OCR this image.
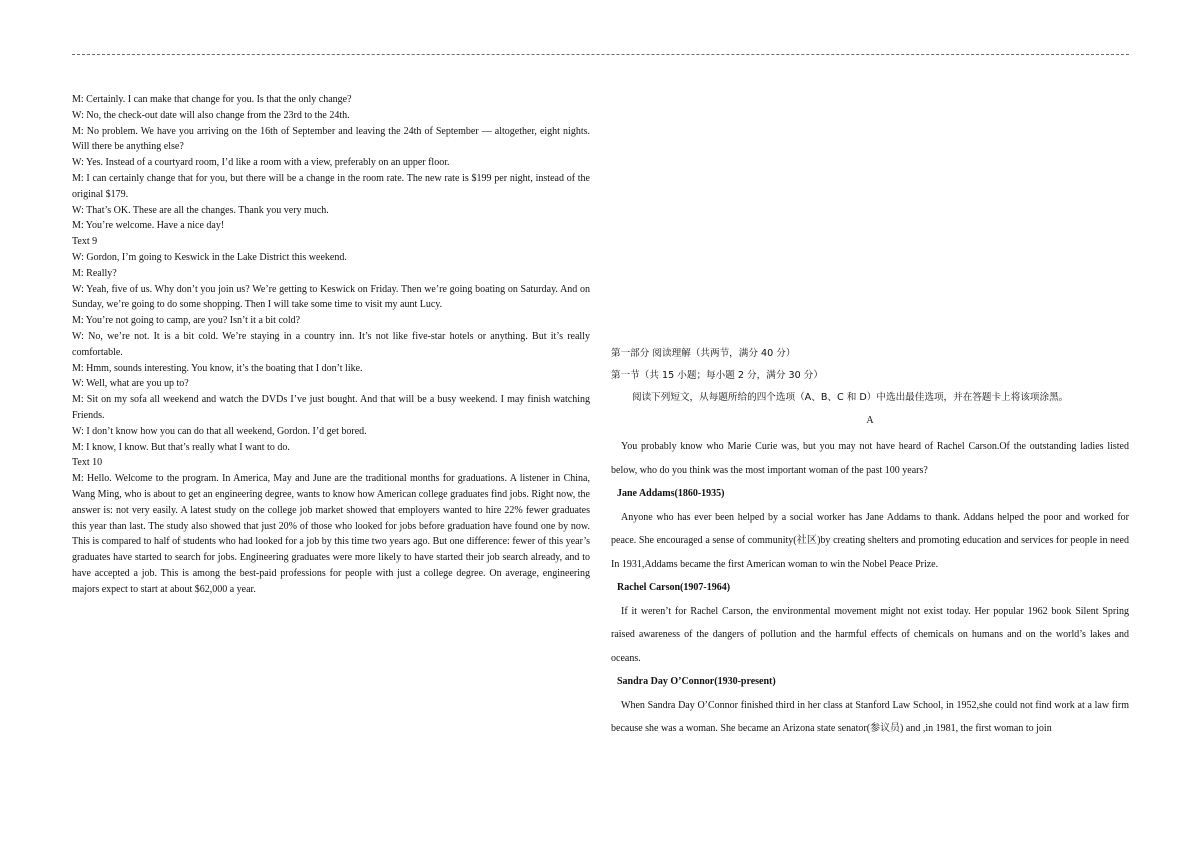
M: Certainly. I can make that change for you. Is that the only change?

W: No, the check-out date will also change from the 23rd to the 24th.

M: No problem. We have you arriving on the 16th of September and leaving the 24th of September — altogether, eight nights. Will there be anything else?

W: Yes. Instead of a courtyard room, I’d like a room with a view, preferably on an upper floor.

M: I can certainly change that for you, but there will be a change in the room rate. The new rate is $199 per night, instead of the original $179.

W: That’s OK. These are all the changes. Thank you very much.

M: You’re welcome. Have a nice day!

Text 9

W: Gordon, I’m going to Keswick in the Lake District this weekend.

M: Really?

W: Yeah, five of us. Why don’t you join us? We’re getting to Keswick on Friday. Then we’re going boating on Saturday. And on Sunday, we’re going to do some shopping. Then I will take some time to visit my aunt Lucy.

M: You’re not going to camp, are you? Isn’t it a bit cold?

W: No, we’re not. It is a bit cold. We’re staying in a country inn. It’s not like five-star hotels or anything. But it’s really comfortable.

M: Hmm, sounds interesting. You know, it’s the boating that I don’t like.

W: Well, what are you up to?

M: Sit on my sofa all weekend and watch the DVDs I’ve just bought. And that will be a busy weekend. I may finish watching Friends.

W: I don’t know how you can do that all weekend, Gordon. I’d get bored.

M: I know, I know. But that’s really what I want to do.

Text 10

M: Hello. Welcome to the program. In America, May and June are the traditional months for graduations. A listener in China, Wang Ming, who is about to get an engineering degree, wants to know how American college graduates find jobs. Right now, the answer is: not very easily. A latest study on the college job market showed that employers wanted to hire 22% fewer graduates this year than last. The study also showed that just 20% of those who looked for jobs before graduation have found one by now. This is compared to half of students who had looked for a job by this time two years ago. But one difference: fewer of this year’s graduates have started to search for jobs. Engineering graduates were more likely to have started their job search already, and to have accepted a job. This is among the best-paid professions for people with just a college degree. On average, engineering majors expect to start at about $62,000 a year.

第一部分 阅读理解（共两节，满分 40 分）

第一节（共 15 小题；每小题 2 分，满分 30 分）

阅读下列短文，从每题所给的四个选项（A、B、C 和 D）中选出最佳选项，并在答题卡上将该项涂黑。

A

You probably know who Marie Curie was, but you may not have heard of Rachel Carson.Of the outstanding ladies listed below, who do you think was the most important woman of the past 100 years?

Jane Addams(1860-1935)

Anyone who has ever been helped by a social worker has Jane Addams to thank. Addans helped the poor and worked for peace. She encouraged a sense of community(社区)by creating shelters and promoting education and services for people in need In 1931,Addams became the first American woman to win the Nobel Peace Prize.

Rachel Carson(1907-1964)

If it weren’t for Rachel Carson, the environmental movement might not exist today. Her popular 1962 book Silent Spring raised awareness of the dangers of pollution and the harmful effects of chemicals on humans and on the world’s lakes and oceans.

Sandra Day O’Connor(1930-present)

When Sandra Day O’Connor finished third in her class at Stanford Law School, in 1952,she could not find work at a law firm because she was a woman. She became an Arizona state senator(参议员) and ,in 1981, the first woman to join
